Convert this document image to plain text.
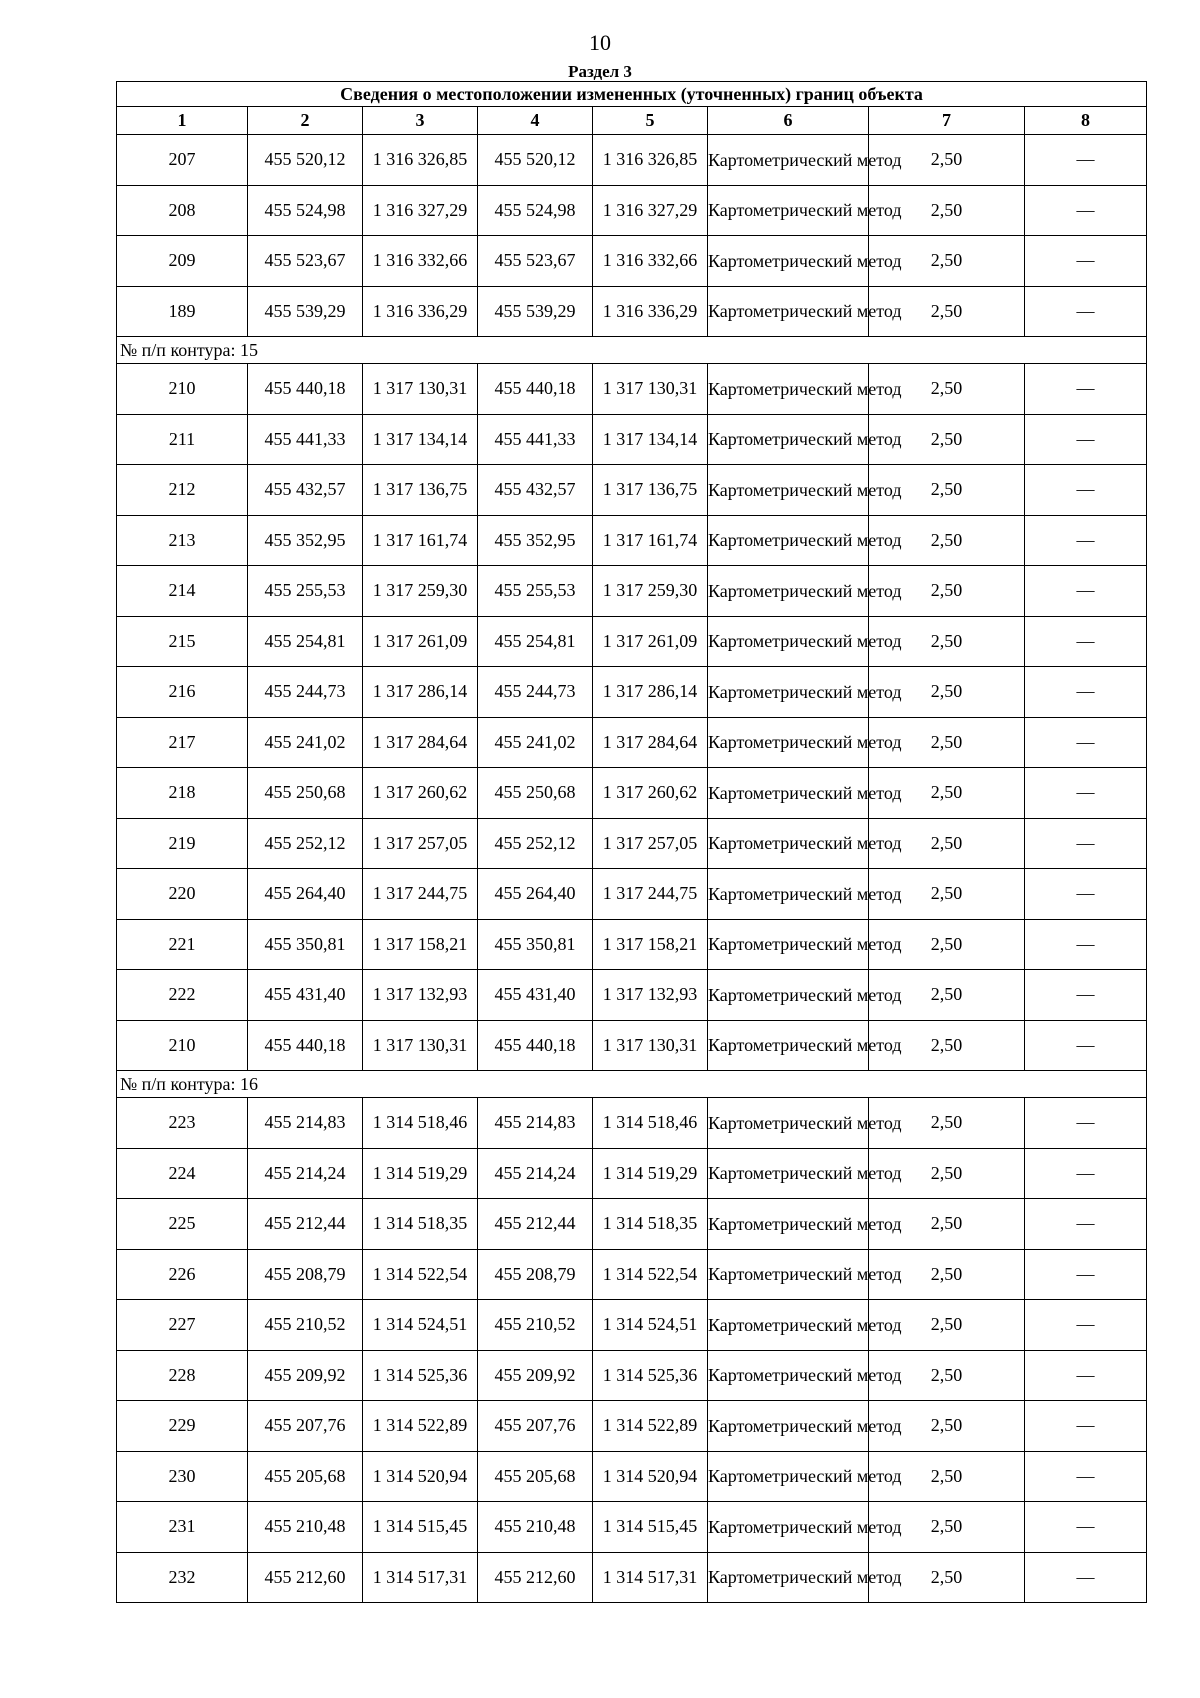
10
Раздел 3
Сведения о местоположении измененных (уточненных) границ объекта							
1	2	3	4	5	6	7	8
207	455 520,12	1 316 326,85	455 520,12	1 316 326,85	Картометрический метод	2,50	—
208	455 524,98	1 316 327,29	455 524,98	1 316 327,29	Картометрический метод	2,50	—
209	455 523,67	1 316 332,66	455 523,67	1 316 332,66	Картометрический метод	2,50	—
189	455 539,29	1 316 336,29	455 539,29	1 316 336,29	Картометрический метод	2,50	—
№ п/п контура: 15							
210	455 440,18	1 317 130,31	455 440,18	1 317 130,31	Картометрический метод	2,50	—
211	455 441,33	1 317 134,14	455 441,33	1 317 134,14	Картометрический метод	2,50	—
212	455 432,57	1 317 136,75	455 432,57	1 317 136,75	Картометрический метод	2,50	—
213	455 352,95	1 317 161,74	455 352,95	1 317 161,74	Картометрический метод	2,50	—
214	455 255,53	1 317 259,30	455 255,53	1 317 259,30	Картометрический метод	2,50	—
215	455 254,81	1 317 261,09	455 254,81	1 317 261,09	Картометрический метод	2,50	—
216	455 244,73	1 317 286,14	455 244,73	1 317 286,14	Картометрический метод	2,50	—
217	455 241,02	1 317 284,64	455 241,02	1 317 284,64	Картометрический метод	2,50	—
218	455 250,68	1 317 260,62	455 250,68	1 317 260,62	Картометрический метод	2,50	—
219	455 252,12	1 317 257,05	455 252,12	1 317 257,05	Картометрический метод	2,50	—
220	455 264,40	1 317 244,75	455 264,40	1 317 244,75	Картометрический метод	2,50	—
221	455 350,81	1 317 158,21	455 350,81	1 317 158,21	Картометрический метод	2,50	—
222	455 431,40	1 317 132,93	455 431,40	1 317 132,93	Картометрический метод	2,50	—
210	455 440,18	1 317 130,31	455 440,18	1 317 130,31	Картометрический метод	2,50	—
№ п/п контура: 16							
223	455 214,83	1 314 518,46	455 214,83	1 314 518,46	Картометрический метод	2,50	—
224	455 214,24	1 314 519,29	455 214,24	1 314 519,29	Картометрический метод	2,50	—
225	455 212,44	1 314 518,35	455 212,44	1 314 518,35	Картометрический метод	2,50	—
226	455 208,79	1 314 522,54	455 208,79	1 314 522,54	Картометрический метод	2,50	—
227	455 210,52	1 314 524,51	455 210,52	1 314 524,51	Картометрический метод	2,50	—
228	455 209,92	1 314 525,36	455 209,92	1 314 525,36	Картометрический метод	2,50	—
229	455 207,76	1 314 522,89	455 207,76	1 314 522,89	Картометрический метод	2,50	—
230	455 205,68	1 314 520,94	455 205,68	1 314 520,94	Картометрический метод	2,50	—
231	455 210,48	1 314 515,45	455 210,48	1 314 515,45	Картометрический метод	2,50	—
232	455 212,60	1 314 517,31	455 212,60	1 314 517,31	Картометрический метод	2,50	—
